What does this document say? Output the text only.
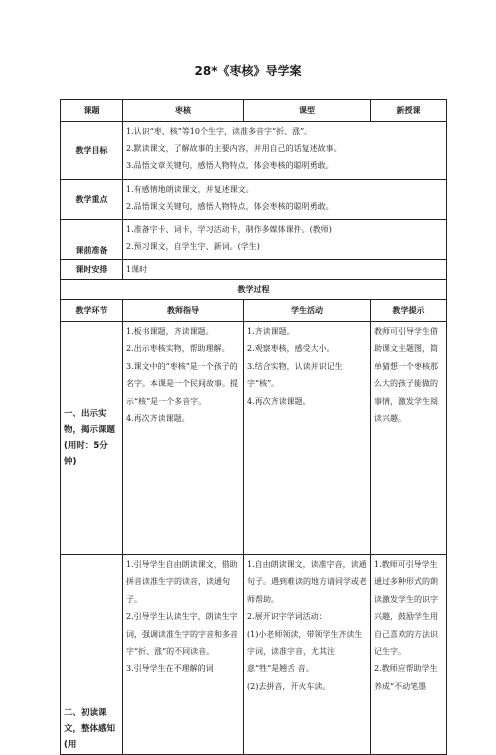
28*《枣核》导学案
课题	枣核	课型	新授课
教学目标	1.认识“枣、核”等10个生字，读准多音字“折、涨”。
2.默读课文，了解故事的主要内容，并用自己的话复述故事。
3.品悟文章关键句，感悟人物特点，体会枣核的聪明勇敢。		

教学重点	1.有感情地朗读课文，并复述课文。
2.品悟课文关键句，感悟人物特点，体会枣核的聪明勇敢。		

课前准备	1.准备字卡、词卡，学习活动卡，制作多媒体课件。(教师)
2.预习课文，自学生字、新词。(学生)		

课时安排	1课时		
教学过程			
教学环节	教师指导	学生活动	教学提示
一、出示实物，揭示课题(用时：5分钟)	1.板书课题，齐读课题。
2.出示枣核实物，帮助理解。
3.课文中的“枣核”是一个孩子的名字。本课是一个民间故事。提示“核”是一个多音字。
4.再次齐读课题。	1.齐读课题。
2.观察枣核，感受大小。
3.结合实物，认读并识记生字“核”。
4.再次齐读课题。	教师可引导学生借助课文主题图，简单猜想一个枣核那么大的孩子能做的事情，激发学生阅读兴趣。
二、初读课文，整体感知 (用	1.引导学生自由朗读课文，借助拼音读准生字的读音，读通句子。
2.引导学生认读生字，朗读生字词，强调读准生字的字音和多音字“折、涨”的不同读音。
3.引导学生在不理解的词	1.自由朗读课文，读准字音，读通句子。遇到难读的地方请同学或老师帮助。
2.展开识字学词活动：
(1)小老师领读，带领学生齐读生字词，读准字音，尤其注意“牲”是翘舌 音。
(2)去拼音，开火车读。	1.教师可引导学生通过多种形式的朗读激发学生的识字兴趣，鼓励学生用自己喜欢的方法识记生字。
2.教师应帮助学生养成“不动笔墨
